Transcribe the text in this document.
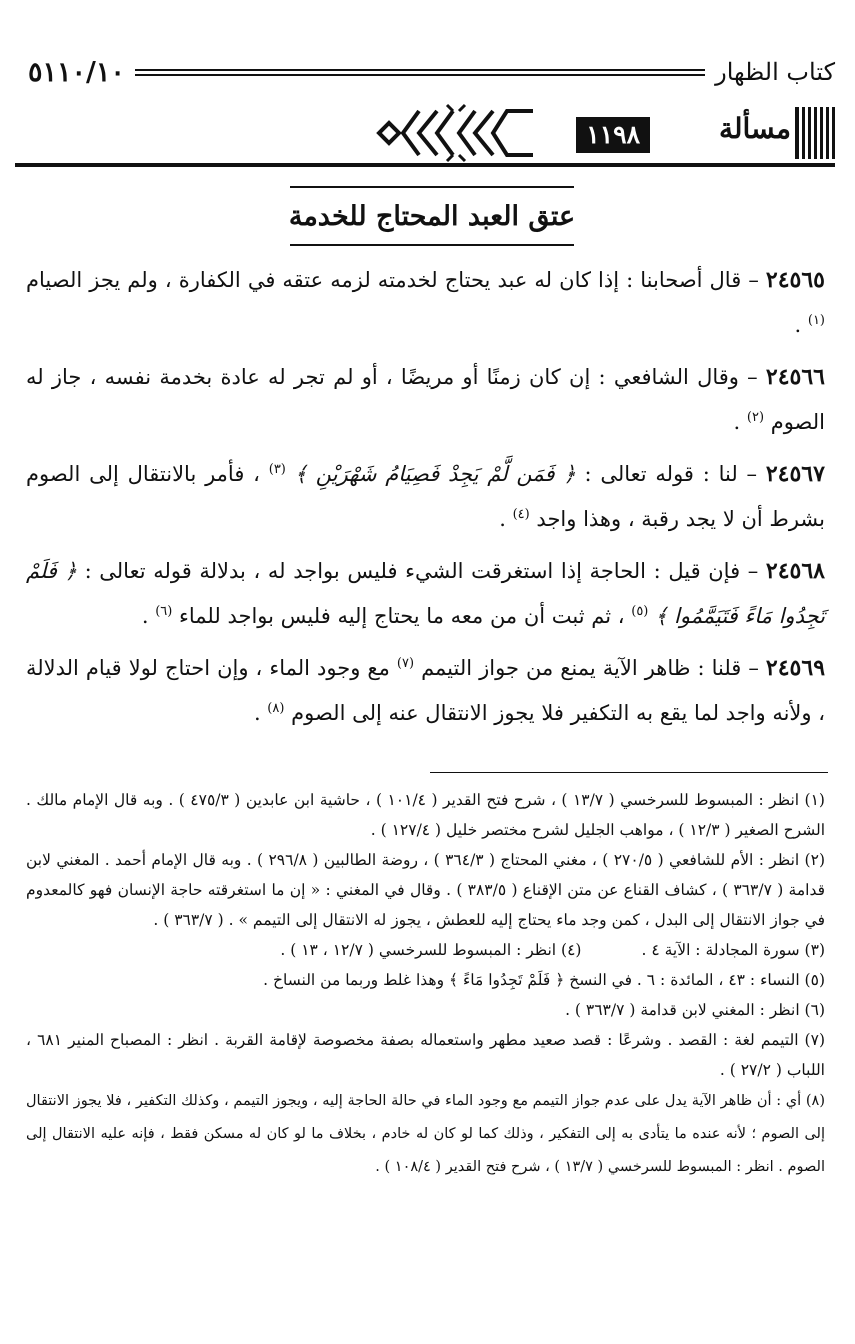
كتاب الظهار
٥١١٠/١٠
مسألة
١١٩٨
عتق العبد المحتاج للخدمة

٢٤٥٦٥ – قال أصحابنا : إذا كان له عبد يحتاج لخدمته لزمه عتقه في الكفارة ، ولم يجز الصيام $^{(١)}$ .

٢٤٥٦٦ – وقال الشافعي : إن كان زمنًا أو مريضًا ، أو لم تجر له عادة بخدمة نفسه ، جاز له الصوم $^{(٢)}$ .

٢٤٥٦٧ – لنا : قوله تعالى : ﴿ فَمَن لَّمْ يَجِدْ فَصِيَامُ شَهْرَيْنِ ﴾ $^{(٣)}$ ، فأمر بالانتقال إلى الصوم بشرط أن لا يجد رقبة ، وهذا واجد $^{(٤)}$ .

٢٤٥٦٨ – فإن قيل : الحاجة إذا استغرقت الشيء فليس بواجد له ، بدلالة قوله تعالى : ﴿ فَلَمْ تَجِدُوا مَاءً فَتَيَمَّمُوا ﴾ $^{(٥)}$ ، ثم ثبت أن من معه ما يحتاج إليه فليس بواجد للماء $^{(٦)}$ .

٢٤٥٦٩ – قلنا : ظاهر الآية يمنع من جواز التيمم $^{(٧)}$ مع وجود الماء ، وإن احتاج لولا قيام الدلالة ، ولأنه واجد لما يقع به التكفير فلا يجوز الانتقال عنه إلى الصوم $^{(٨)}$ .

(١) انظر : المبسوط للسرخسي ( ١٣/٧ ) ، شرح فتح القدير ( ١٠١/٤ ) ، حاشية ابن عابدين ( ٤٧٥/٣ ) . وبه قال الإمام مالك . الشرح الصغير ( ١٢/٣ ) ، مواهب الجليل لشرح مختصر خليل ( ١٢٧/٤ ) .

(٢) انظر : الأم للشافعي ( ٢٧٠/٥ ) ، مغني المحتاج ( ٣٦٤/٣ ) ، روضة الطالبين ( ٢٩٦/٨ ) . وبه قال الإمام أحمد . المغني لابن قدامة ( ٣٦٣/٧ ) ، كشاف القناع عن متن الإقناع ( ٣٨٣/٥ ) . وقال في المغني : « إن ما استغرقته حاجة الإنسان فهو كالمعدوم في جواز الانتقال إلى البدل ، كمن وجد ماء يحتاج إليه للعطش ، يجوز له الانتقال إلى التيمم » . ( ٣٦٣/٧ ) .

(٣) سورة المجادلة : الآية ٤ .

(٤) انظر : المبسوط للسرخسي ( ١٢/٧ ، ١٣ ) .

(٥) النساء : ٤٣ ، المائدة : ٦ . في النسخ ﴿ فَلَمْ تَجِدُوا مَاءً ﴾ وهذا غلط وربما من النساخ .

(٦) انظر : المغني لابن قدامة ( ٣٦٣/٧ ) .

(٧) التيمم لغة : القصد . وشرعًا : قصد صعيد مطهر واستعماله بصفة مخصوصة لإقامة القربة . انظر : المصباح المنير ٦٨١ ، اللباب ( ٢٧/٢ ) .

(٨) أي : أن ظاهر الآية يدل على عدم جواز التيمم مع وجود الماء في حالة الحاجة إليه ، ويجوز التيمم ، وكذلك التكفير ، فلا يجوز الانتقال إلى الصوم ؛ لأنه عنده ما يتأدى به إلى التفكير ، وذلك كما لو كان له خادم ، بخلاف ما لو كان له مسكن فقط ، فإنه عليه الانتقال إلى الصوم . انظر : المبسوط للسرخسي ( ١٣/٧ ) ، شرح فتح القدير ( ١٠٨/٤ ) .
